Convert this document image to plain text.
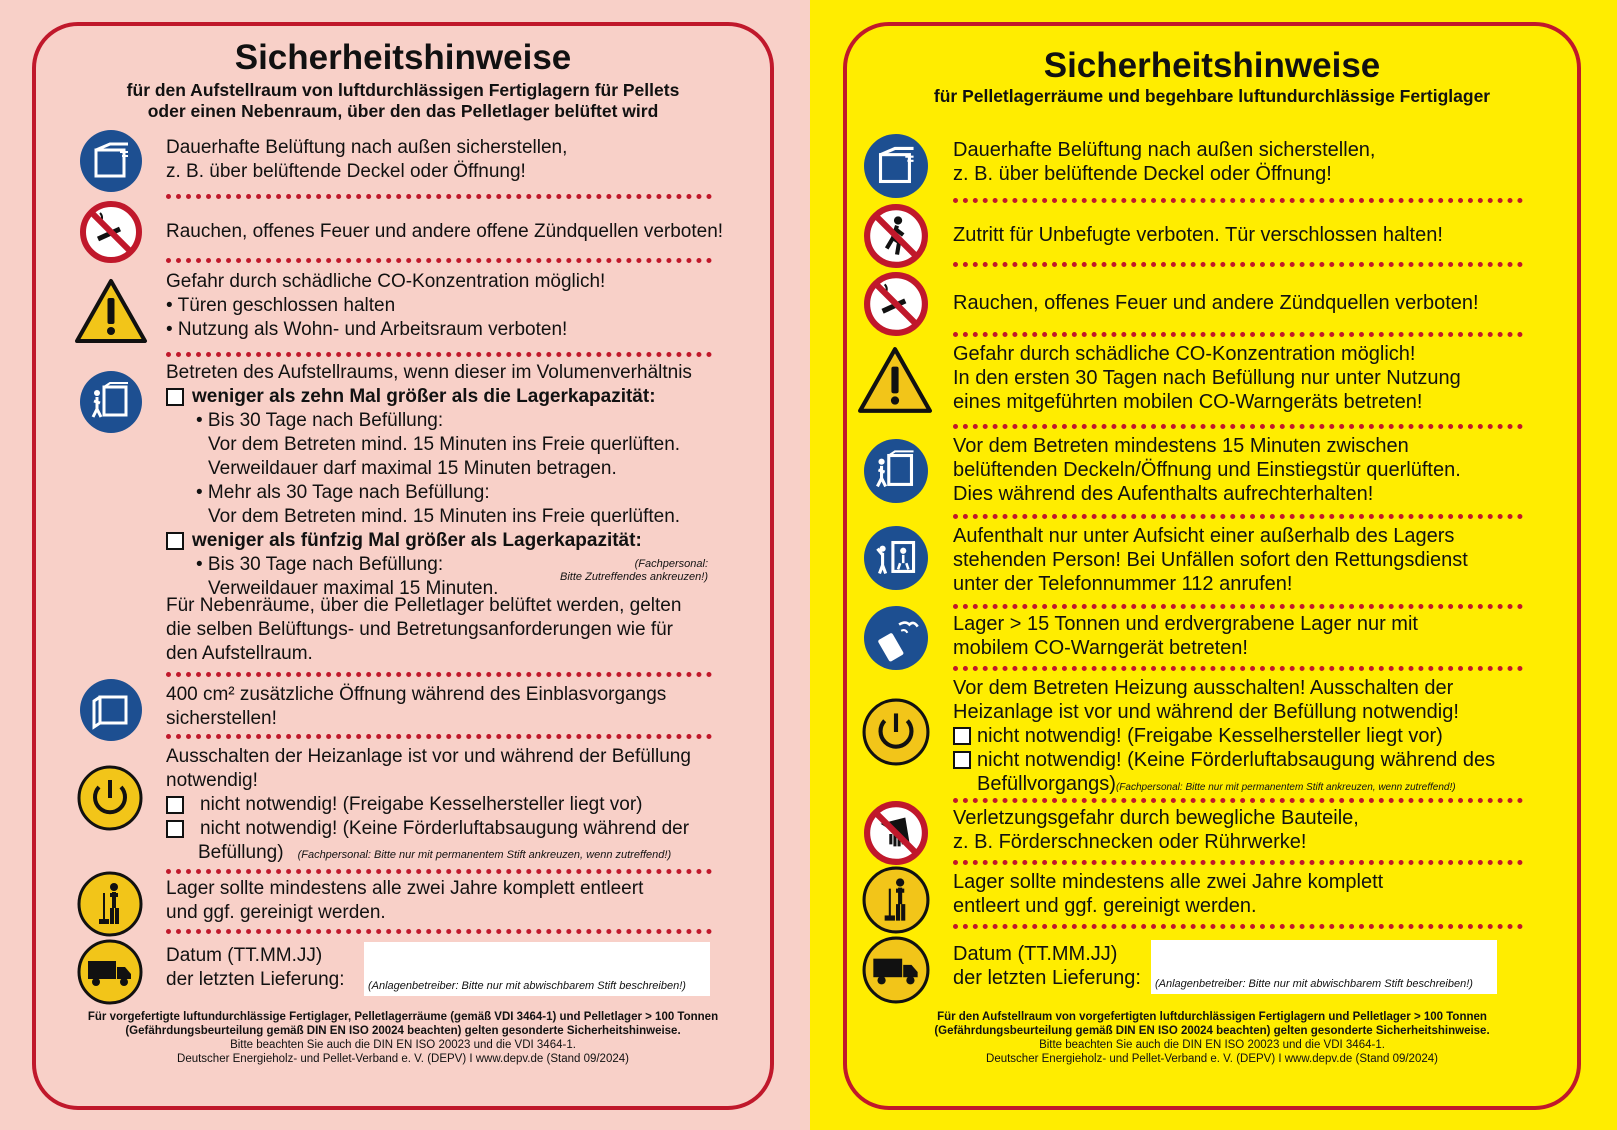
Sicherheitshinweise
für den Aufstellraum von luftdurchlässigen Fertiglagern für Pellets
oder einen Nebenraum, über den das Pelletlager belüftet wird
Dauerhafte Belüftung nach außen sicherstellen,
z. B. über belüftende Deckel oder Öffnung!
Rauchen, offenes Feuer und andere offene Zündquellen verboten!
Gefahr durch schädliche CO-Konzentration möglich!
• Türen geschlossen halten
• Nutzung als Wohn- und Arbeitsraum verboten!
Betreten des Aufstellraums, wenn dieser im Volumenverhältnis
weniger als zehn Mal größer als die Lagerkapazität:
• Bis 30 Tage nach Befüllung:
Vor dem Betreten mind. 15 Minuten ins Freie querlüften.
Verweildauer darf maximal 15 Minuten betragen.
• Mehr als 30 Tage nach Befüllung:
Vor dem Betreten mind. 15 Minuten ins Freie querlüften.
weniger als fünfzig Mal größer als Lagerkapazität:
• Bis 30 Tage nach Befüllung:
Verweildauer maximal 15 Minuten.
(Fachpersonal:
Bitte Zutreffendes ankreuzen!)
Für Nebenräume, über die Pelletlager belüftet werden, gelten
die selben Belüftungs- und Betretungsanforderungen wie für
den Aufstellraum.
400 cm² zusätzliche Öffnung während des Einblasvorgangs
sicherstellen!
Ausschalten der Heizanlage ist vor und während der Befüllung
notwendig!
nicht notwendig! (Freigabe Kesselhersteller liegt vor)
nicht notwendig! (Keine Förderluftabsaugung während der
Befüllung) (Fachpersonal: Bitte nur mit permanentem Stift ankreuzen, wenn zutreffend!)
Lager sollte mindestens alle zwei Jahre komplett entleert
und ggf. gereinigt werden.
Datum (TT.MM.JJ)
der letzten Lieferung: (Anlagenbetreiber: Bitte nur mit abwischbarem Stift beschreiben!)
Für vorgefertigte luftundurchlässige Fertiglager, Pelletlagerräume (gemäß VDI 3464-1) und Pelletlager > 100 Tonnen
(Gefährdungsbeurteilung gemäß DIN EN ISO 20024 beachten) gelten gesonderte Sicherheitshinweise.
Bitte beachten Sie auch die DIN EN ISO 20023 und die VDI 3464-1.
Deutscher Energieholz- und Pellet-Verband e. V. (DEPV) I www.depv.de (Stand 09/2024)
Sicherheitshinweise
für Pelletlagerräume und begehbare luftundurchlässige Fertiglager
Dauerhafte Belüftung nach außen sicherstellen,
z. B. über belüftende Deckel oder Öffnung!
Zutritt für Unbefugte verboten. Tür verschlossen halten!
Rauchen, offenes Feuer und andere Zündquellen verboten!
Gefahr durch schädliche CO-Konzentration möglich!
In den ersten 30 Tagen nach Befüllung nur unter Nutzung
eines mitgeführten mobilen CO-Warngeräts betreten!
Vor dem Betreten mindestens 15 Minuten zwischen
belüftenden Deckeln/Öffnung und Einstiegstür querlüften.
Dies während des Aufenthalts aufrechterhalten!
Aufenthalt nur unter Aufsicht einer außerhalb des Lagers
stehenden Person! Bei Unfällen sofort den Rettungsdienst
unter der Telefonnummer 112 anrufen!
Lager > 15 Tonnen und erdvergrabene Lager nur mit
mobilem CO-Warngerät betreten!
Vor dem Betreten Heizung ausschalten! Ausschalten der
Heizanlage ist vor und während der Befüllung notwendig!
nicht notwendig! (Freigabe Kesselhersteller liegt vor)
nicht notwendig! (Keine Förderluftabsaugung während des
Befüllvorgangs)(Fachpersonal: Bitte nur mit permanentem Stift ankreuzen, wenn zutreffend!)
Verletzungsgefahr durch bewegliche Bauteile,
z. B. Förderschnecken oder Rührwerke!
Lager sollte mindestens alle zwei Jahre komplett
entleert und ggf. gereinigt werden.
Datum (TT.MM.JJ)
der letzten Lieferung: (Anlagenbetreiber: Bitte nur mit abwischbarem Stift beschreiben!)
Für den Aufstellraum von vorgefertigten luftdurchlässigen Fertiglagern und Pelletlager > 100 Tonnen
(Gefährdungsbeurteilung gemäß DIN EN ISO 20024 beachten) gelten gesonderte Sicherheitshinweise.
Bitte beachten Sie auch die DIN EN ISO 20023 und die VDI 3464-1.
Deutscher Energieholz- und Pellet-Verband e. V. (DEPV) I www.depv.de (Stand 09/2024)
